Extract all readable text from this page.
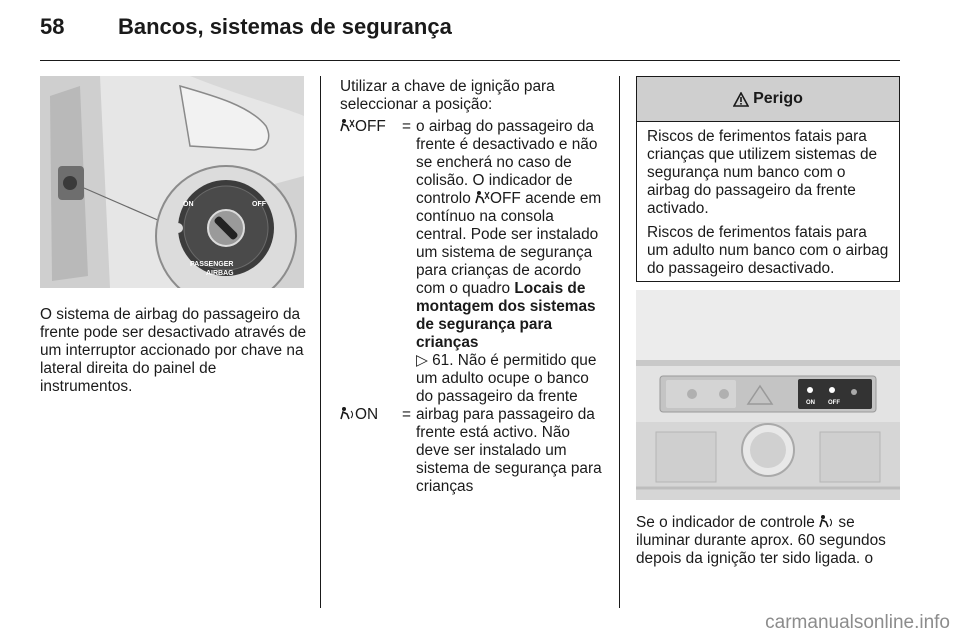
58 Bancos, sistemas de segurança
ON	OFF
PASSENGER
AIRBAG

O sistema de airbag do passageiro da frente pode ser desactivado através de um interruptor accionado por chave na lateral direita do painel de instrumentos.

Utilizar a chave de ignição para seleccionar a posição:

OFF	= o airbag do passageiro da frente é desactivado e não se encherá no caso de colisão. O indicador de controlo OFF acende em contínuo na consola central. Pode ser instalado um sistema de segurança para crianças de acordo com o quadro Locais de montagem dos sistemas de segurança para crianças
▷ 61. Não é permitido que um adulto ocupe o banco do passageiro da frente
ON	= airbag para passageiro da frente está activo. Não deve ser instalado um sistema de segurança para crianças
Perigo

Riscos de ferimentos fatais para crianças que utilizem sistemas de segurança num banco com o airbag do passageiro da frente activado.

Riscos de ferimentos fatais para um adulto num banco com o airbag do passageiro desactivado.

ON OFF

Se o indicador de controle  se iluminar durante aprox. 60 segundos depois da ignição ter sido ligada. o

carmanualsonline.info
